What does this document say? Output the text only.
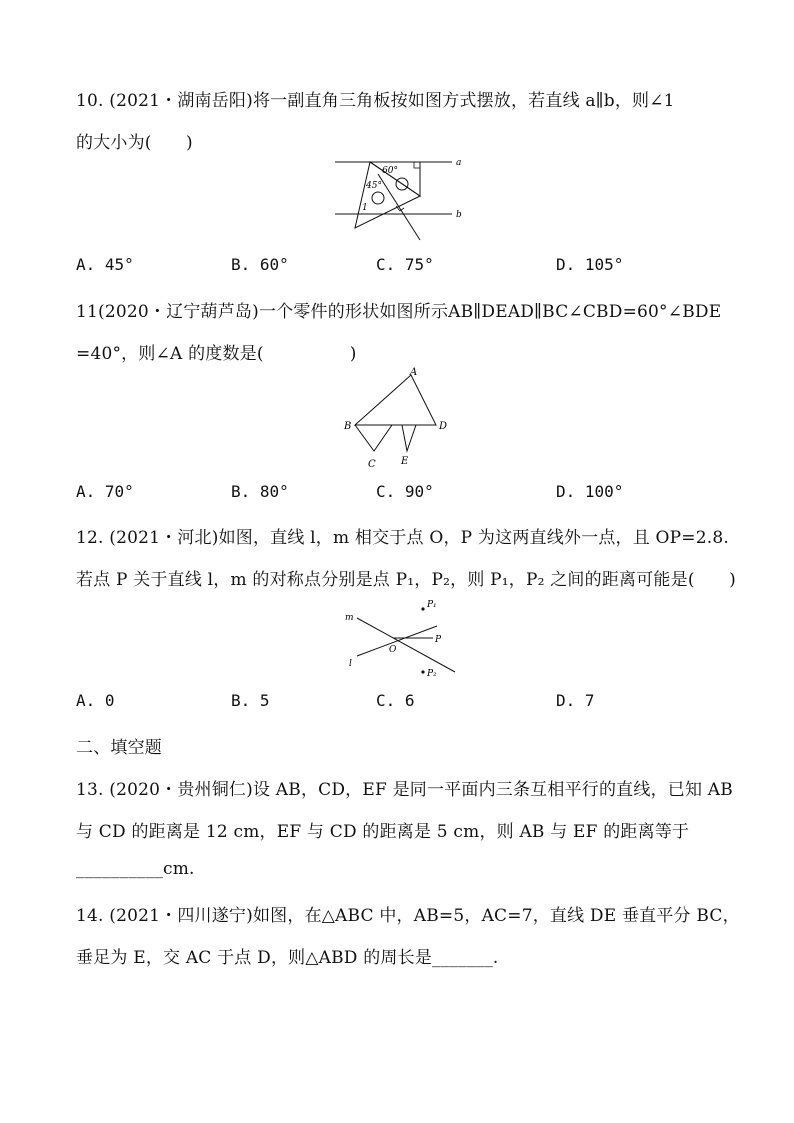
10. (2021・湖南岳阳)将一副直角三角板按如图方式摆放，若直线 a∥b，则∠1
的大小为(　　)
a
b
60°
45°
1
A. 45°	B. 60°	C. 75°	D. 105°
11(2020・辽宁葫芦岛)一个零件的形状如图所示AB∥DEAD∥BC∠CBD=60°∠BDE
=40°，则∠A 的度数是(　　　　　)
A
B
C
D
E
A. 70°	B. 80°	C. 90°	D. 100°
12. (2021・河北)如图，直线 l，m 相交于点 O，P 为这两直线外一点，且 OP=2.8.
若点 P 关于直线 l，m 的对称点分别是点 P₁，P₂，则 P₁，P₂ 之间的距离可能是(　　)
m
l
O
P
P₁
P₂
A. 0	B. 5	C. 6	D. 7
二、填空题
13. (2020・贵州铜仁)设 AB，CD，EF 是同一平面内三条互相平行的直线，已知 AB
与 CD 的距离是 12 cm，EF 与 CD 的距离是 5 cm，则 AB 与 EF 的距离等于
__________cm.
14. (2021・四川遂宁)如图，在△ABC 中，AB=5，AC=7，直线 DE 垂直平分 BC，
垂足为 E，交 AC 于点 D，则△ABD 的周长是_______.
